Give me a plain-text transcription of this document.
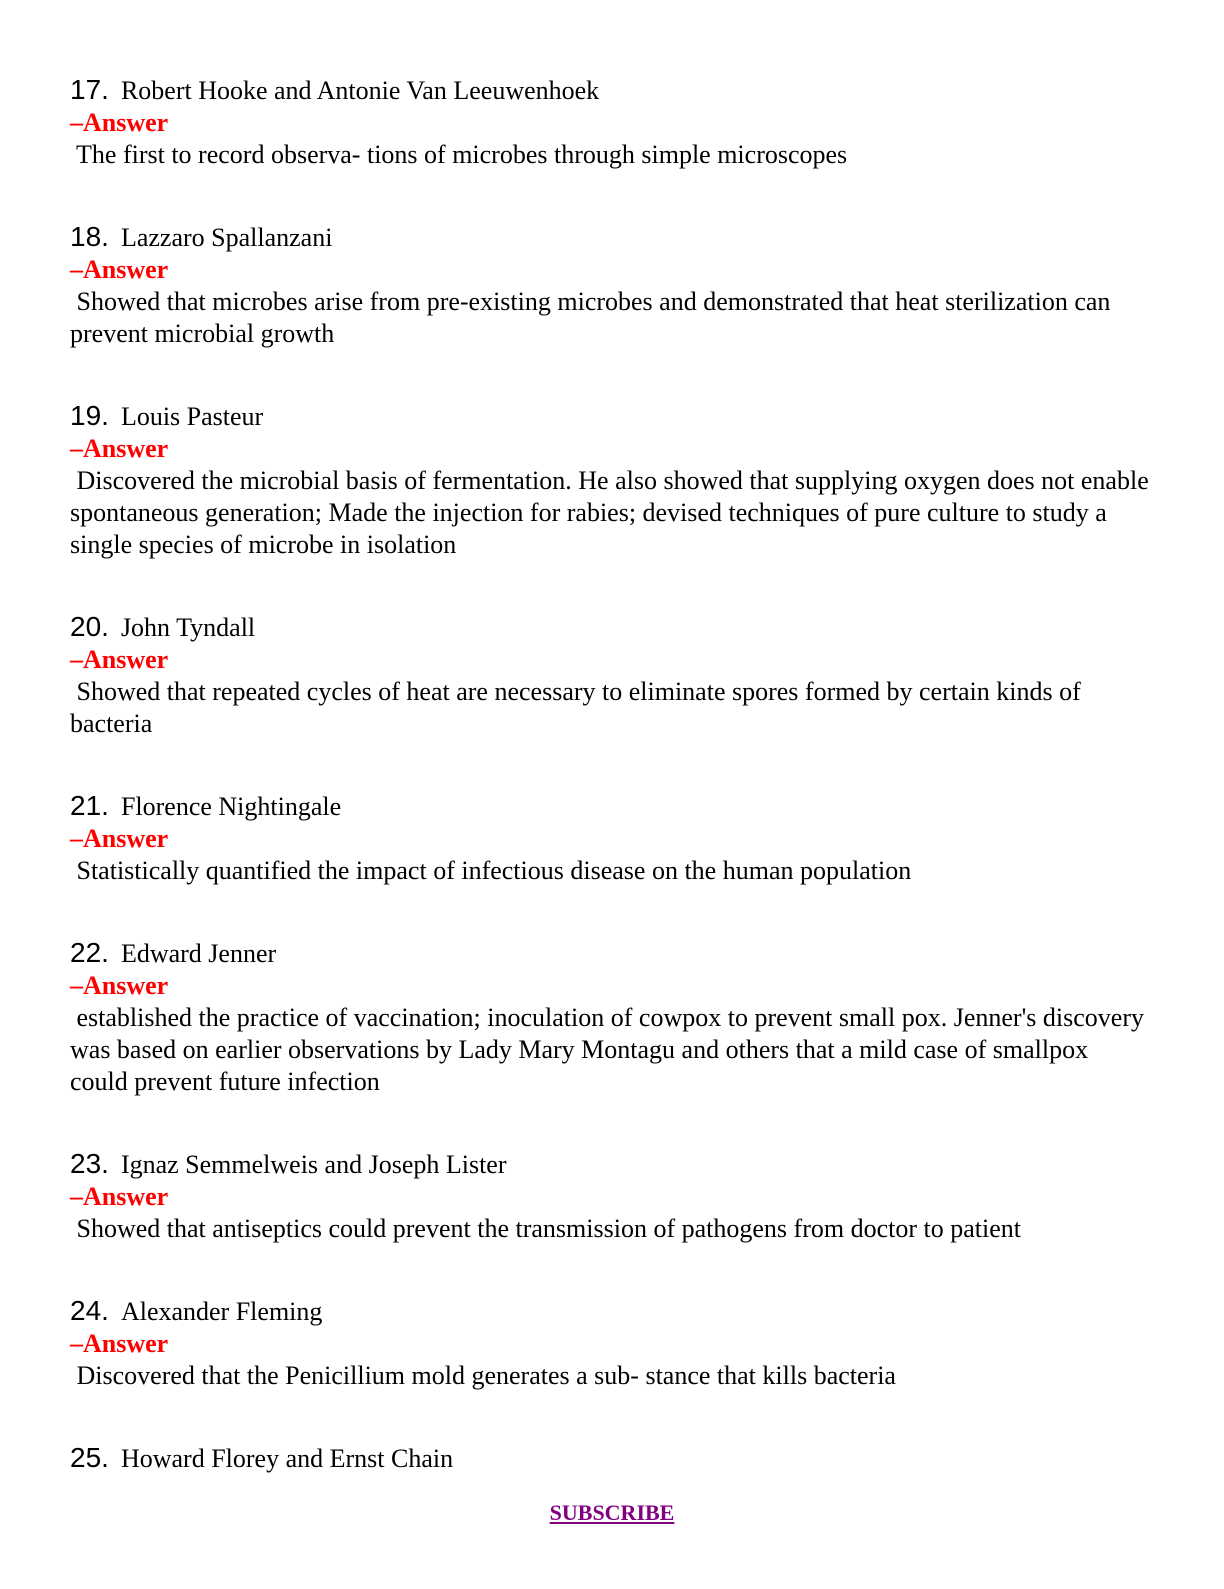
17. Robert Hooke and Antonie Van Leeuwenhoek
–Answer
The first to record observa- tions of microbes through simple microscopes
18. Lazzaro Spallanzani
–Answer
Showed that microbes arise from pre-existing microbes and demonstrated that heat sterilization can prevent microbial growth
19. Louis Pasteur
–Answer
Discovered the microbial basis of fermentation. He also showed that supplying oxygen does not enable spontaneous generation; Made the injection for rabies; devised techniques of pure culture to study a single species of microbe in isolation
20. John Tyndall
–Answer
Showed that repeated cycles of heat are necessary to eliminate spores formed by certain kinds of bacteria
21. Florence Nightingale
–Answer
Statistically quantified the impact of infectious disease on the human population
22. Edward Jenner
–Answer
established the practice of vaccination; inoculation of cowpox to prevent small pox. Jenner's discovery was based on earlier observations by Lady Mary Montagu and others that a mild case of smallpox could prevent future infection
23. Ignaz Semmelweis and Joseph Lister
–Answer
Showed that antiseptics could prevent the transmission of pathogens from doctor to patient
24. Alexander Fleming
–Answer
Discovered that the Penicillium mold generates a sub- stance that kills bacteria
25. Howard Florey and Ernst Chain
SUBSCRIBE
